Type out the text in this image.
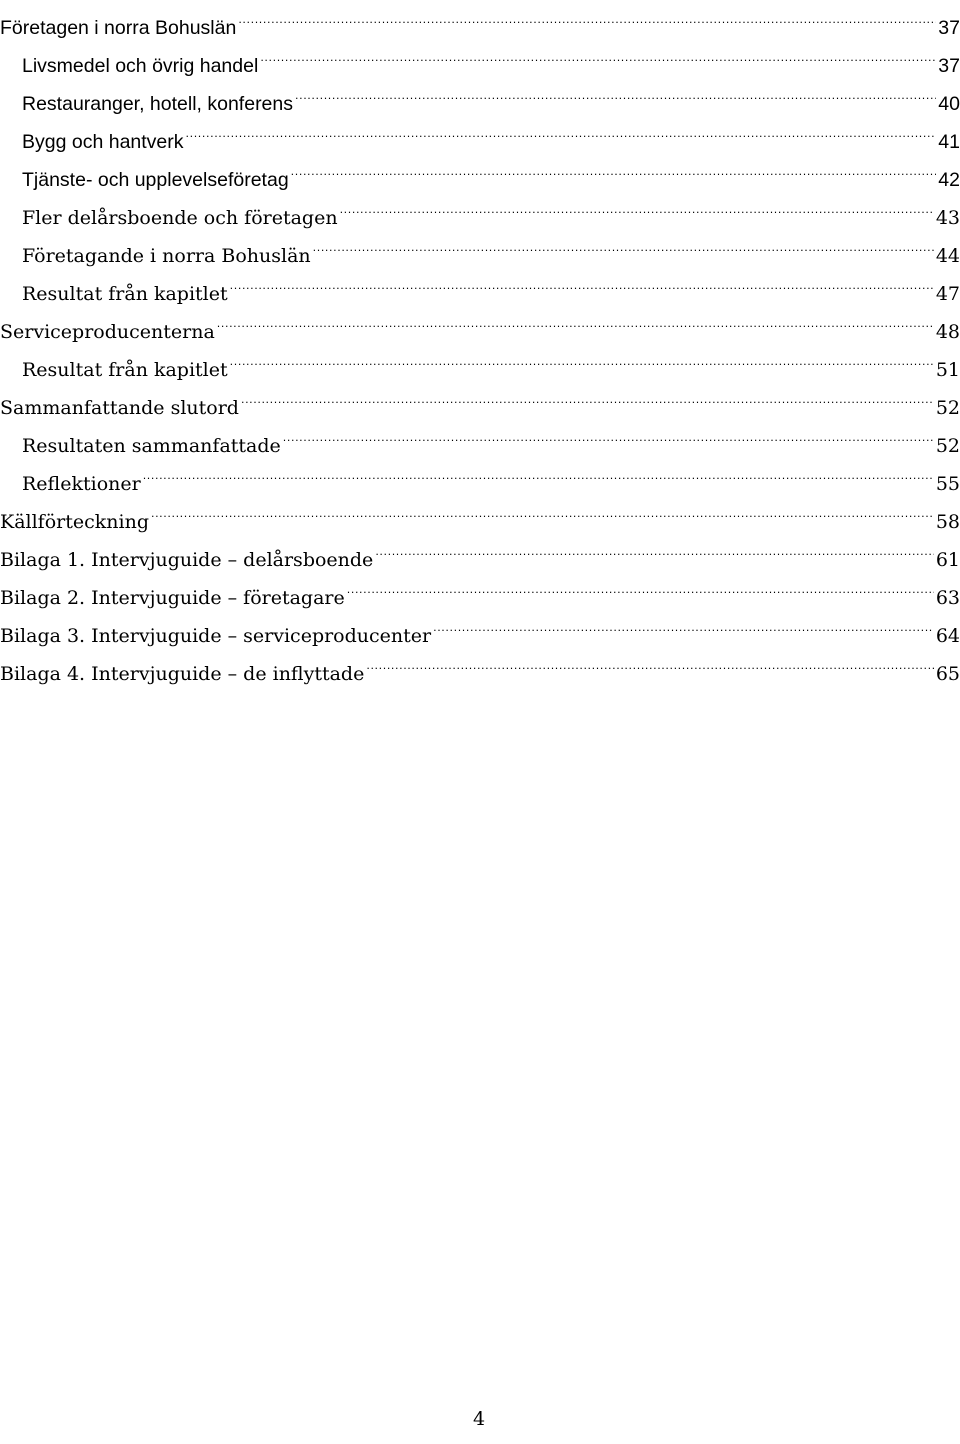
Företagen i norra Bohuslän .....	37
Livsmedel och övrig handel .....	37
Restauranger, hotell, konferens .....	40
Bygg och hantverk .....	41
Tjänste- och upplevelseföretag .....	42
Fler delårsboende och företagen .....	43
Företagande i norra Bohuslän .....	44
Resultat från kapitlet .....	47
Serviceproducenterna .....	48
Resultat från kapitlet .....	51
Sammanfattande slutord .....	52
Resultaten sammanfattade .....	52
Reflektioner .....	55
Källförteckning .....	58
Bilaga 1. Intervjuguide – delårsboende .....	61
Bilaga 2. Intervjuguide – företagare .....	63
Bilaga 3. Intervjuguide – serviceproducenter .....	64
Bilaga 4. Intervjuguide – de inflyttade .....	65
4
